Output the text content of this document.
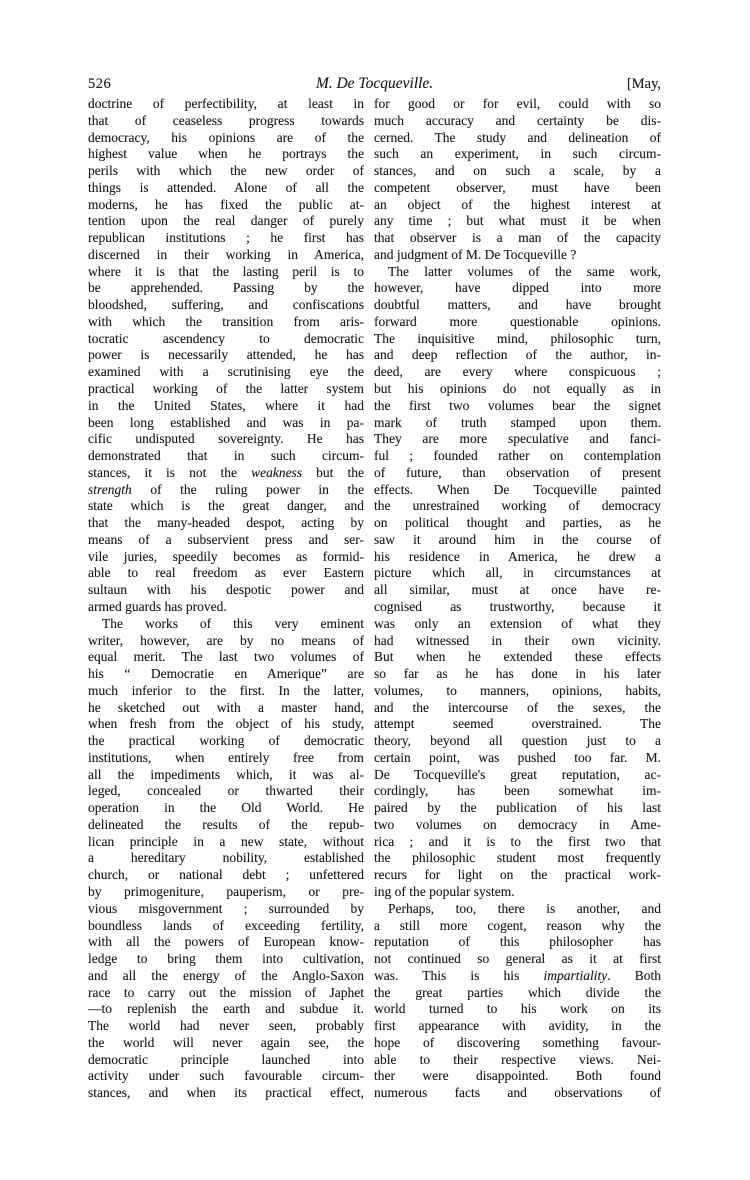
526	M. De Tocqueville.	[May,
doctrine of perfectibility, at least in
that of ceaseless progress towards
democracy, his opinions are of the
highest value when he portrays the
perils with which the new order of
things is attended. Alone of all the
moderns, he has fixed the public at-
tention upon the real danger of purely
republican institutions ; he first has
discerned in their working in America,
where it is that the lasting peril is to
be apprehended. Passing by the
bloodshed, suffering, and confiscations
with which the transition from aris-
tocratic ascendency to democratic
power is necessarily attended, he has
examined with a scrutinising eye the
practical working of the latter system
in the United States, where it had
been long established and was in pa-
cific undisputed sovereignty. He has
demonstrated that in such circum-
stances, it is not the weakness but the
strength of the ruling power in the
state which is the great danger, and
that the many-headed despot, acting by
means of a subservient press and ser-
vile juries, speedily becomes as formid-
able to real freedom as ever Eastern
sultaun with his despotic power and
armed guards has proved.
The works of this very eminent
writer, however, are by no means of
equal merit. The last two volumes of
his “ Democratie en Amerique” are
much inferior to the first. In the latter,
he sketched out with a master hand,
when fresh from the object of his study,
the practical working of democratic
institutions, when entirely free from
all the impediments which, it was al-
leged, concealed or thwarted their
operation in the Old World. He
delineated the results of the repub-
lican principle in a new state, without
a hereditary nobility, established
church, or national debt ; unfettered
by primogeniture, pauperism, or pre-
vious misgovernment ; surrounded by
boundless lands of exceeding fertility,
with all the powers of European know-
ledge to bring them into cultivation,
and all the energy of the Anglo-Saxon
race to carry out the mission of Japhet
—to replenish the earth and subdue it.
The world had never seen, probably
the world will never again see, the
democratic principle launched into
activity under such favourable circum-
stances, and when its practical effect,
for good or for evil, could with so
much accuracy and certainty be dis-
cerned. The study and delineation of
such an experiment, in such circum-
stances, and on such a scale, by a
competent observer, must have been
an object of the highest interest at
any time ; but what must it be when
that observer is a man of the capacity
and judgment of M. De Tocqueville ?
The latter volumes of the same work,
however, have dipped into more
doubtful matters, and have brought
forward more questionable opinions.
The inquisitive mind, philosophic turn,
and deep reflection of the author, in-
deed, are every where conspicuous ;
but his opinions do not equally as in
the first two volumes bear the signet
mark of truth stamped upon them.
They are more speculative and fanci-
ful ; founded rather on contemplation
of future, than observation of present
effects. When De Tocqueville painted
the unrestrained working of democracy
on political thought and parties, as he
saw it around him in the course of
his residence in America, he drew a
picture which all, in circumstances at
all similar, must at once have re-
cognised as trustworthy, because it
was only an extension of what they
had witnessed in their own vicinity.
But when he extended these effects
so far as he has done in his later
volumes, to manners, opinions, habits,
and the intercourse of the sexes, the
attempt seemed overstrained. The
theory, beyond all question just to a
certain point, was pushed too far. M.
De Tocqueville's great reputation, ac-
cordingly, has been somewhat im-
paired by the publication of his last
two volumes on democracy in Ame-
rica ; and it is to the first two that
the philosophic student most frequently
recurs for light on the practical work-
ing of the popular system.
Perhaps, too, there is another, and
a still more cogent, reason why the
reputation of this philosopher has
not continued so general as it at first
was. This is his impartiality. Both
the great parties which divide the
world turned to his work on its
first appearance with avidity, in the
hope of discovering something favour-
able to their respective views. Nei-
ther were disappointed. Both found
numerous facts and observations of
